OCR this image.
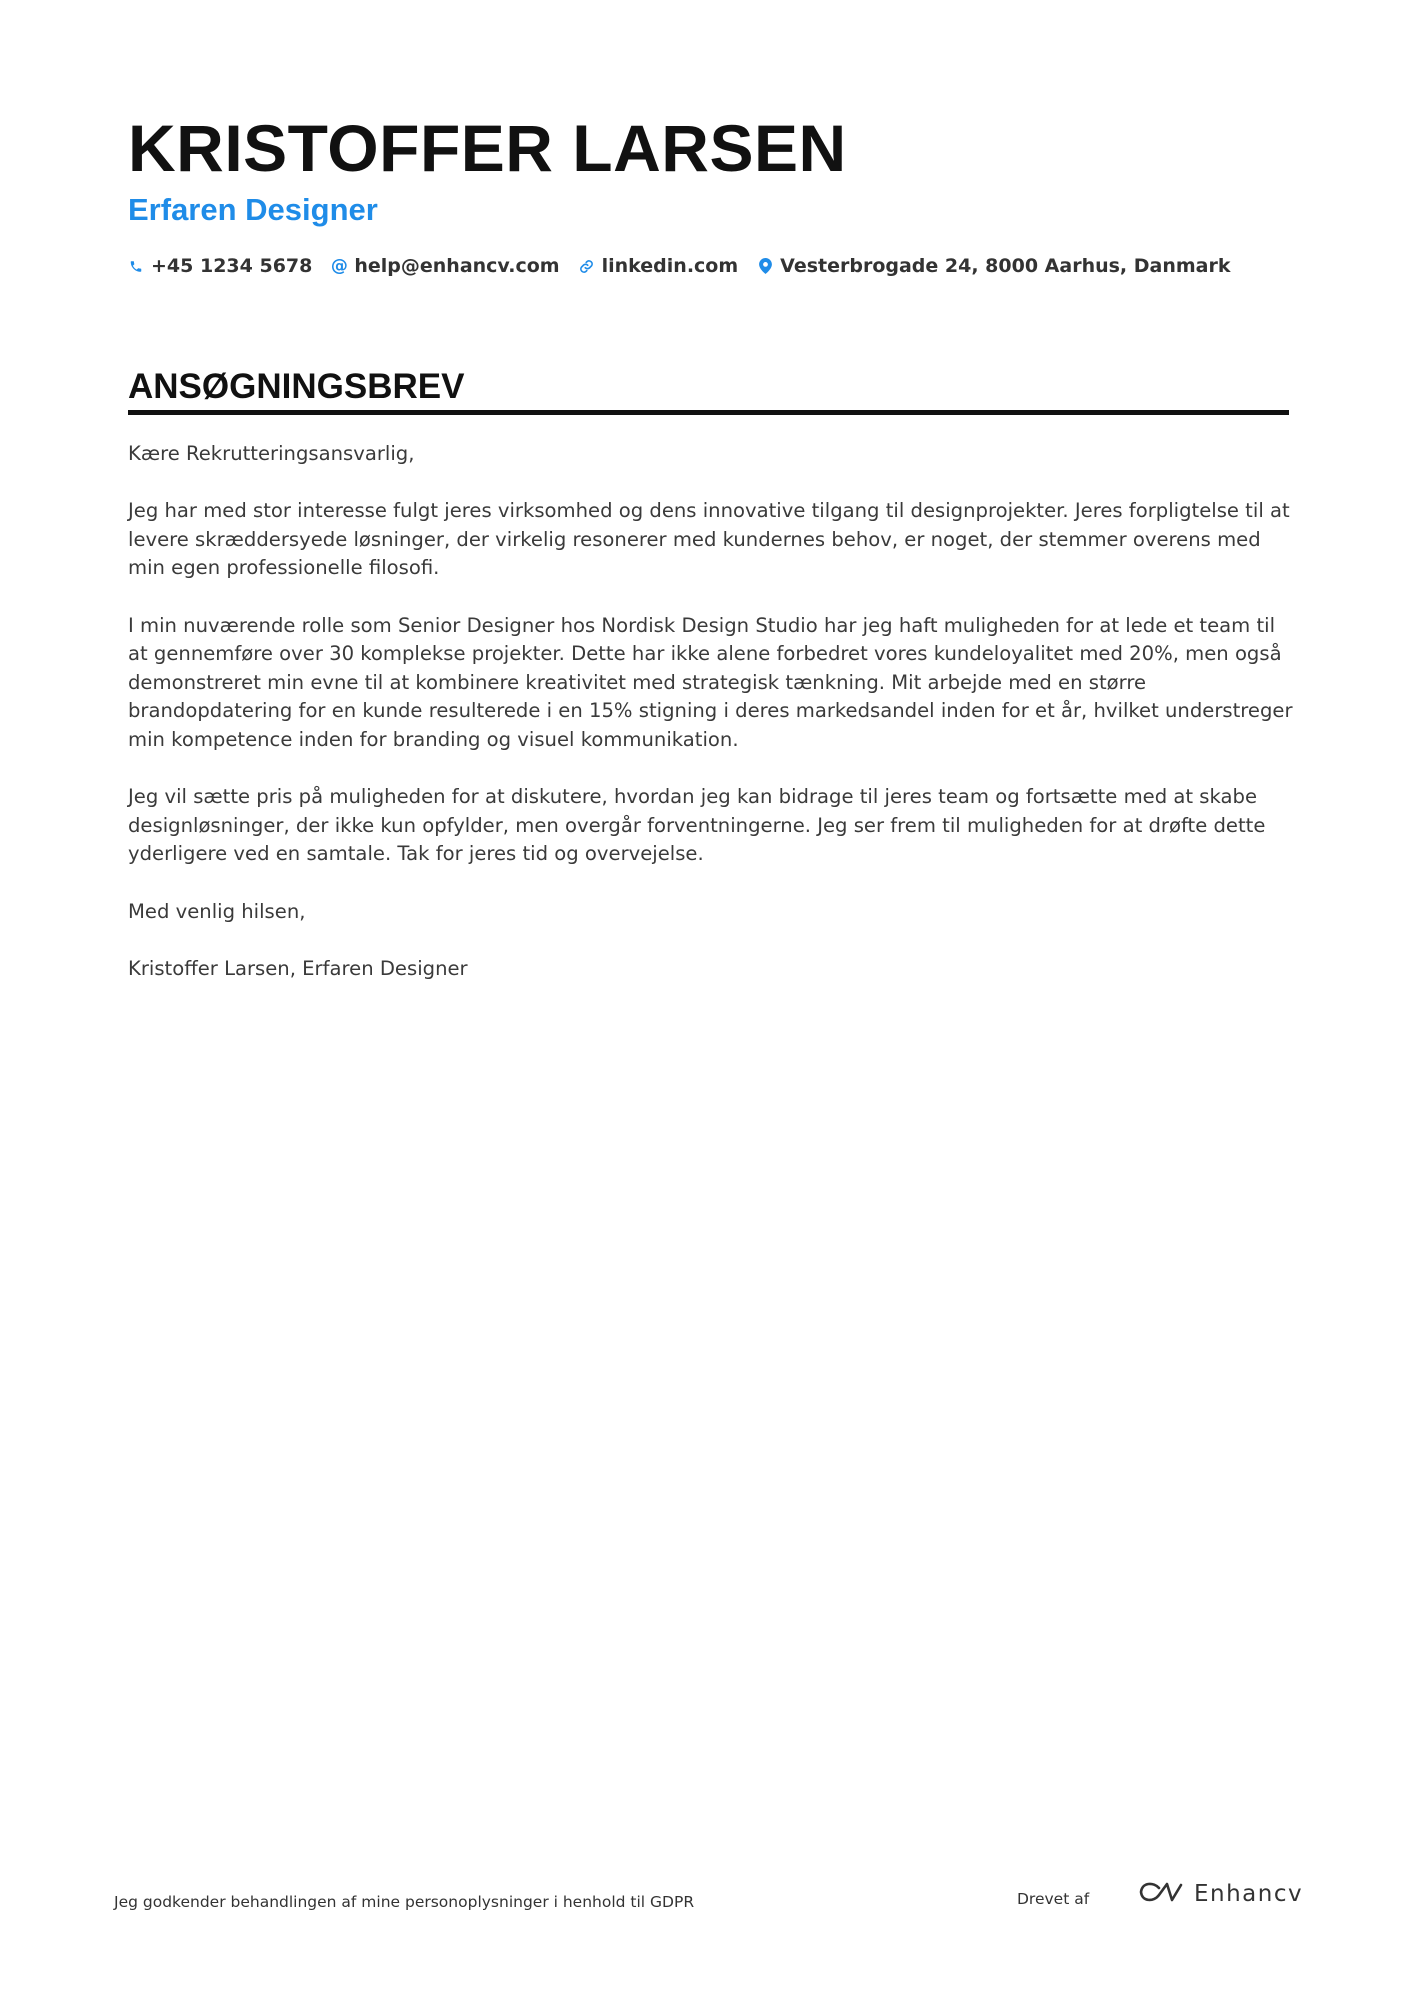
KRISTOFFER LARSEN
Erfaren Designer
+45 1234 5678 @ help@enhancv.com linkedin.com Vesterbrogade 24, 8000 Aarhus, Danmark
ANSØGNINGSBREV

Kære Rekrutteringsansvarlig,

Jeg har med stor interesse fulgt jeres virksomhed og dens innovative tilgang til designprojekter. Jeres forpligtelse til at levere skræddersyede løsninger, der virkelig resonerer med kundernes behov, er noget, der stemmer overens med min egen professionelle filosofi.

I min nuværende rolle som Senior Designer hos Nordisk Design Studio har jeg haft muligheden for at lede et team til at gennemføre over 30 komplekse projekter. Dette har ikke alene forbedret vores kundeloyalitet med 20%, men også demonstreret min evne til at kombinere kreativitet med strategisk tænkning. Mit arbejde med en større brandopdatering for en kunde resulterede i en 15% stigning i deres markedsandel inden for et år, hvilket understreger min kompetence inden for branding og visuel kommunikation.

Jeg vil sætte pris på muligheden for at diskutere, hvordan jeg kan bidrage til jeres team og fortsætte med at skabe designløsninger, der ikke kun opfylder, men overgår forventningerne. Jeg ser frem til muligheden for at drøfte dette yderligere ved en samtale. Tak for jeres tid og overvejelse.

Med venlig hilsen,

Kristoffer Larsen, Erfaren Designer

Jeg godkender behandlingen af mine personoplysninger i henhold til GDPR	Drevet af	Enhancv
